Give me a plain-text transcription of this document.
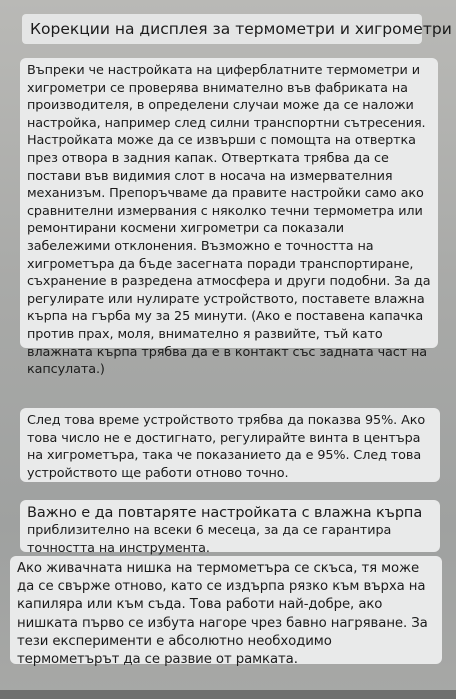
Корекции на дисплея за термометри и хигрометри
Въпреки че настройката на циферблатните термометри и хигрометри се проверява внимателно във фабриката на производителя, в определени случаи може да се наложи настройка, например след силни транспортни сътресения. Настройката може да се извърши с помощта на отвертка през отвора в задния капак. Отвертката трябва да се постави във видимия слот в носача на измервателния механизъм. Препоръчваме да правите настройки само ако сравнителни измервания с няколко течни термометра или ремонтирани космени хигрометри са показали забележими отклонения. Възможно е точността на хигрометъра да бъде засегната поради транспортиране, съхранение в разредена атмосфера и други подобни. За да регулирате или нулирате устройството, поставете влажна кърпа на гърба му за 25 минути. (Ако е поставена капачка против прах, моля, внимателно я развийте, тъй като влажната кърпа трябва да е в контакт със задната част на капсулата.)
След това време устройството трябва да показва 95%. Ако това число не е достигнато, регулирайте винта в центъра на хигрометъра, така че показанието да е 95%. След това устройството ще работи отново точно.
Важно е да повтаряте настройката с влажна кърпа
приблизително на всеки 6 месеца, за да се гарантира точността на инструмента.
Ако живачната нишка на термометъра се скъса, тя може да се свърже отново, като се издърпа рязко към върха на капиляра или към съда. Това работи най-добре, ако нишката първо се избута нагоре чрез бавно нагряване. За тези експерименти е абсолютно необходимо термометърът да се развие от рамката.
